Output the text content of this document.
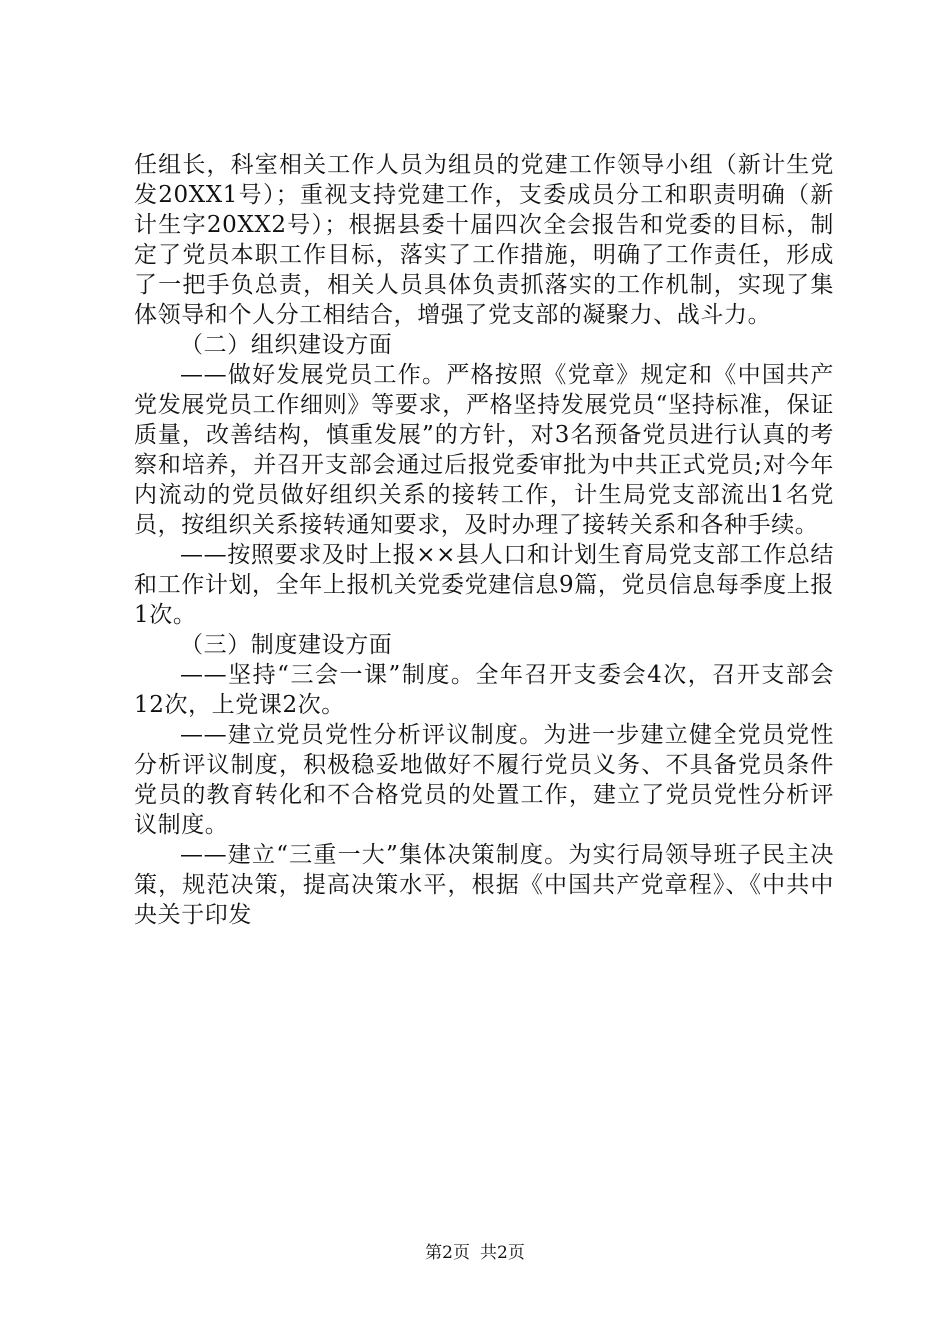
任组长，科室相关工作人员为组员的党建工作领导小组（新计生党发20XX1号）；重视支持党建工作，支委成员分工和职责明确（新计生字20XX2号）；根据县委十届四次全会报告和党委的目标，制定了党员本职工作目标，落实了工作措施，明确了工作责任，形成了一把手负总责，相关人员具体负责抓落实的工作机制，实现了集体领导和个人分工相结合，增强了党支部的凝聚力、战斗力。

（二）组织建设方面

——做好发展党员工作。严格按照《党章》规定和《中国共产党发展党员工作细则》等要求，严格坚持发展党员“坚持标准，保证质量，改善结构，慎重发展”的方针，对3名预备党员进行认真的考察和培养，并召开支部会通过后报党委审批为中共正式党员;对今年内流动的党员做好组织关系的接转工作，计生局党支部流出1名党员，按组织关系接转通知要求，及时办理了接转关系和各种手续。

——按照要求及时上报××县人口和计划生育局党支部工作总结和工作计划，全年上报机关党委党建信息9篇，党员信息每季度上报1次。

（三）制度建设方面

——坚持“三会一课”制度。全年召开支委会4次，召开支部会12次，上党课2次。

——建立党员党性分析评议制度。为进一步建立健全党员党性分析评议制度，积极稳妥地做好不履行党员义务、不具备党员条件党员的教育转化和不合格党员的处置工作，建立了党员党性分析评议制度。

——建立“三重一大”集体决策制度。为实行局领导班子民主决策，规范决策，提高决策水平，根据《中国共产党章程》、《中共中央关于印发

第2页 共2页
